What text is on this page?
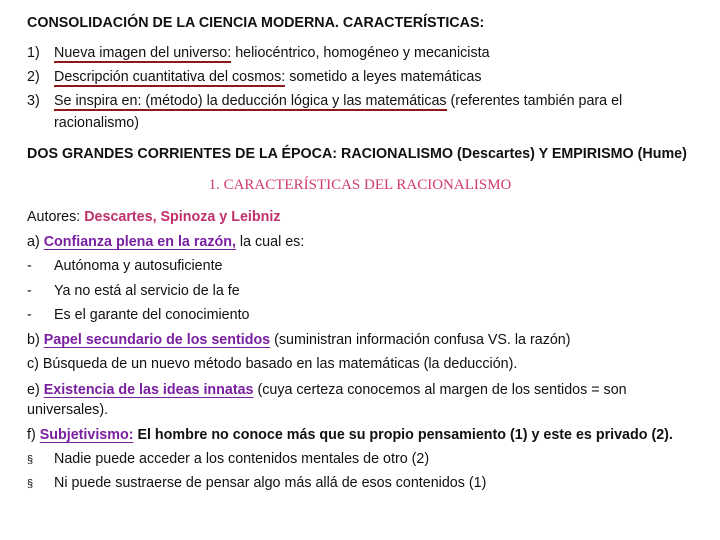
CONSOLIDACIÓN DE LA CIENCIA MODERNA. CARACTERÍSTICAS:
1) Nueva imagen del universo: heliocéntrico, homogéneo y mecanicista
2) Descripción cuantitativa del cosmos: sometido a leyes matemáticas
3) Se inspira en: (método) la deducción lógica y las matemáticas (referentes también para el
racionalismo)
DOS GRANDES CORRIENTES DE LA ÉPOCA: RACIONALISMO (Descartes) Y EMPIRISMO (Hume)
1. CARACTERÍSTICAS DEL RACIONALISMO
Autores: Descartes, Spinoza y Leibniz
a) Confianza plena en la razón, la cual es:
- Autónoma y autosuficiente
- Ya no está al servicio de la fe
- Es el garante del conocimiento
b) Papel secundario de los sentidos (suministran información confusa VS. la razón)
c) Búsqueda de un nuevo método basado en las matemáticas (la deducción).
e) Existencia de las ideas innatas (cuya certeza conocemos al margen de los sentidos = son
universales).
f) Subjetivismo: El hombre no conoce más que su propio pensamiento (1) y este es privado (2).
§ Nadie puede acceder a los contenidos mentales de otro (2)
§ Ni puede sustraerse de pensar algo más allá de esos contenidos (1)
